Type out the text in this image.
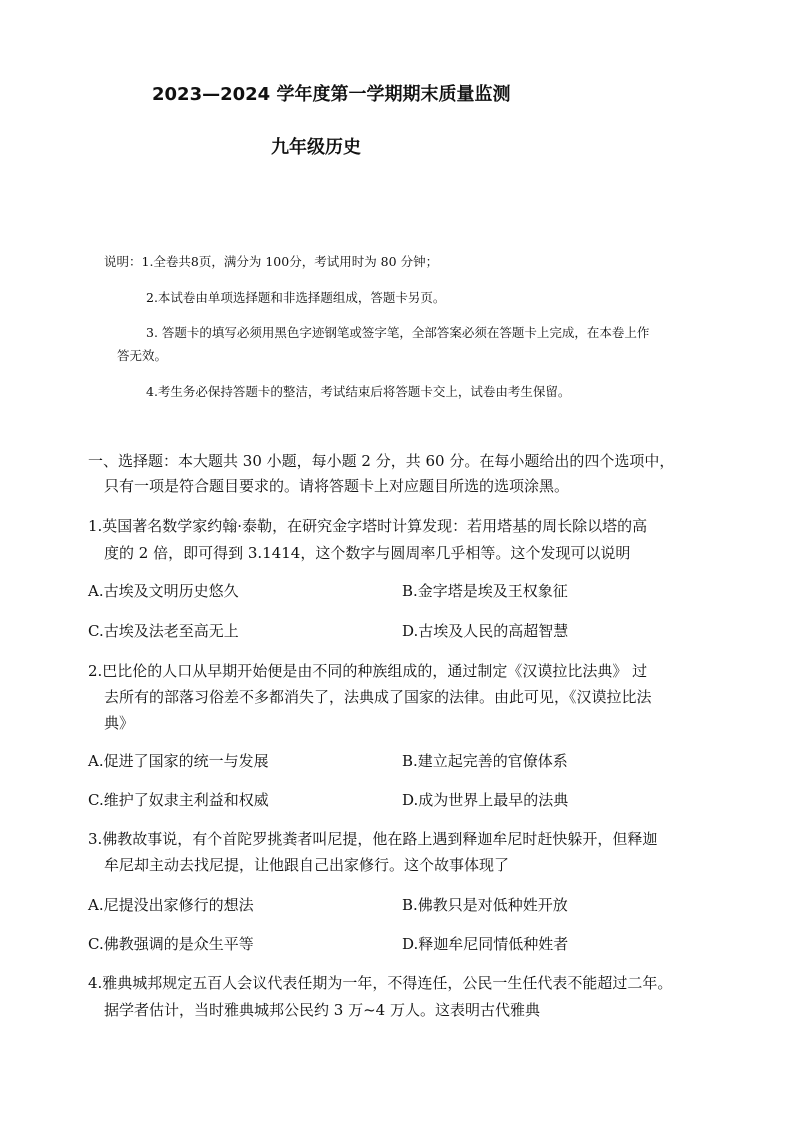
2023—2024 学年度第一学期期末质量监测
九年级历史
说明：1.全卷共8页，满分为 100分，考试用时为 80 分钟；
2.本试卷由单项选择题和非选择题组成，答题卡另页。
3. 答题卡的填写必须用黑色字迹钢笔或签字笔，全部答案必须在答题卡上完成，在本卷上作
答无效。
4.考生务必保持答题卡的整洁，考试结束后将答题卡交上，试卷由考生保留。
一、选择题：本大题共 30 小题，每小题 2 分，共 60 分。在每小题给出的四个选项中，
只有一项是符合题目要求的。请将答题卡上对应题目所选的选项涂黑。
1.英国著名数学家约翰·泰勒，在研究金字塔时计算发现：若用塔基的周长除以塔的高
度的 2 倍，即可得到 3.1414，这个数字与圆周率几乎相等。这个发现可以说明
A.古埃及文明历史悠久	B.金字塔是埃及王权象征
C.古埃及法老至高无上	D.古埃及人民的高超智慧
2.巴比伦的人口从早期开始便是由不同的种族组成的，通过制定《汉谟拉比法典》 过
去所有的部落习俗差不多都消失了，法典成了国家的法律。由此可见，《汉谟拉比法
典》
A.促进了国家的统一与发展	B.建立起完善的官僚体系
C.维护了奴隶主利益和权威	D.成为世界上最早的法典
3.佛教故事说，有个首陀罗挑粪者叫尼提，他在路上遇到释迦牟尼时赶快躲开，但释迦
牟尼却主动去找尼提，让他跟自己出家修行。这个故事体现了
A.尼提没出家修行的想法	B.佛教只是对低种姓开放
C.佛教强调的是众生平等	D.释迦牟尼同情低种姓者
4.雅典城邦规定五百人会议代表任期为一年，不得连任，公民一生任代表不能超过二年。
据学者估计，当时雅典城邦公民约 3 万~4 万人。这表明古代雅典
